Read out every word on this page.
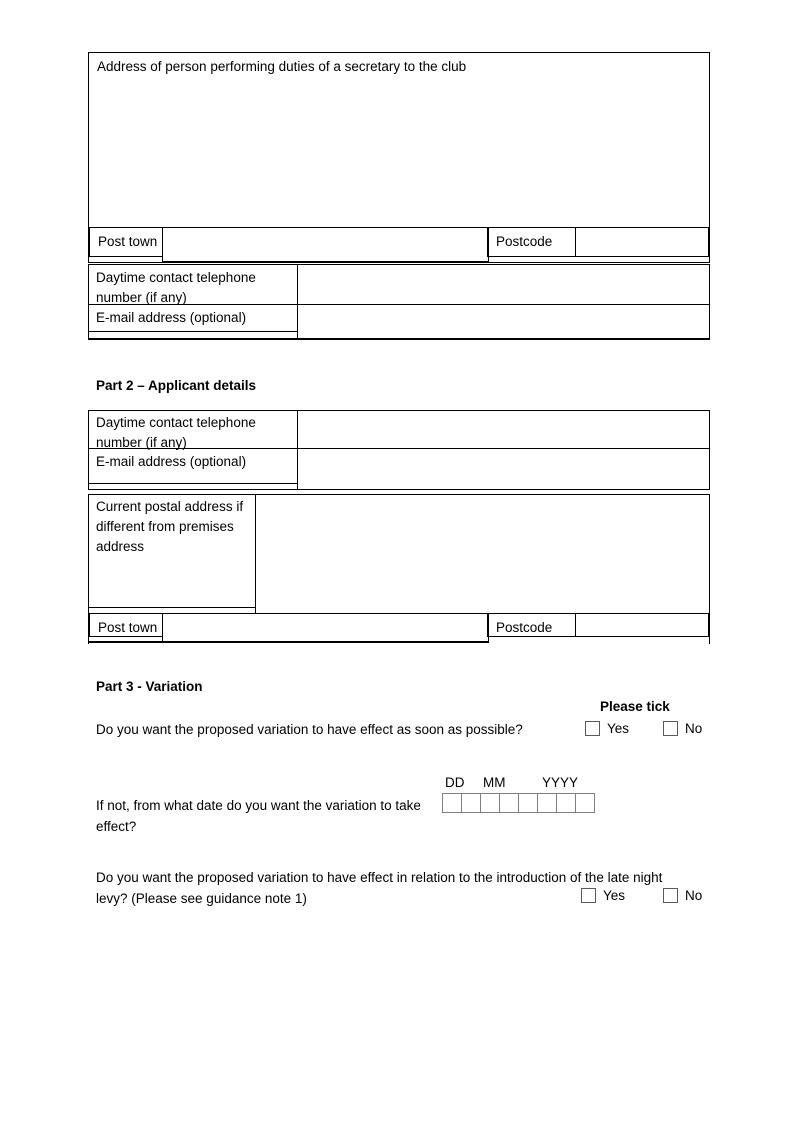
Address of person performing duties of a secretary to the club
Post town	Postcode
Daytime contact telephone number (if any)
E-mail address (optional)
Part 2 – Applicant details
Daytime contact telephone number (if any)
E-mail address (optional)
Current postal address if different from premises address
Post town	Postcode
Part 3 - Variation
Please tick
Do you want the proposed variation to have effect as soon as possible?	Yes	No
DD MM	YYYY
If not, from what date do you want the variation to take effect?
Do you want the proposed variation to have effect in relation to the introduction of the late night levy? (Please see guidance note 1)	Yes	No
